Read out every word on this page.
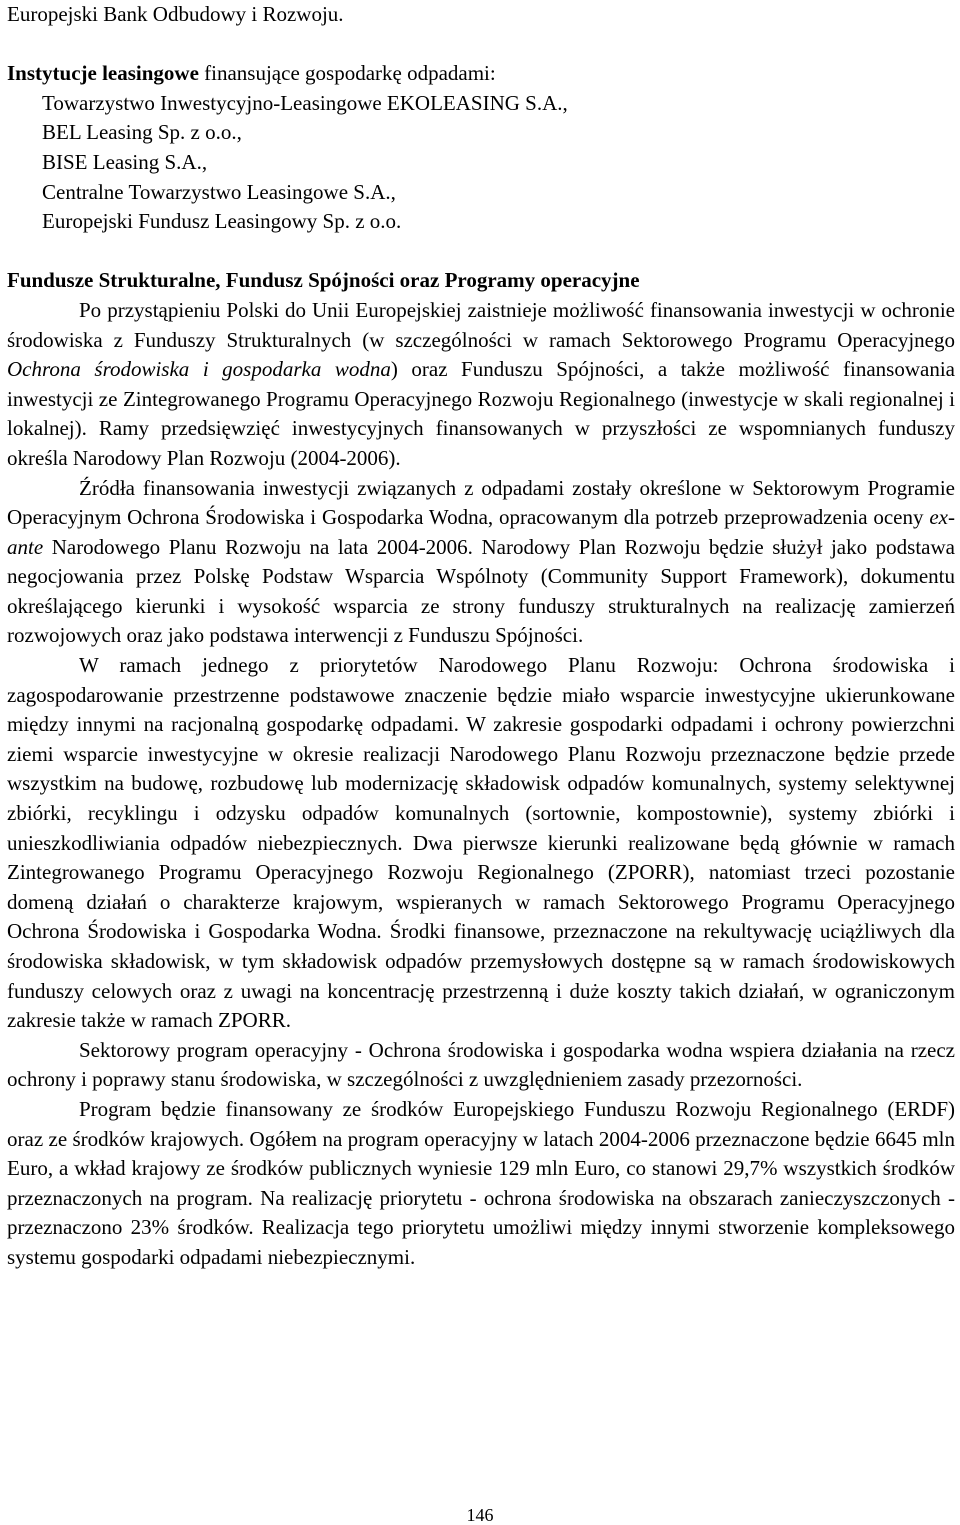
Europejski Bank Odbudowy i Rozwoju.
Instytucje leasingowe finansujące gospodarkę odpadami:
Towarzystwo Inwestycyjno-Leasingowe EKOLEASING S.A.,
BEL Leasing Sp. z o.o.,
BISE Leasing S.A.,
Centralne Towarzystwo Leasingowe S.A.,
Europejski Fundusz Leasingowy Sp. z o.o.
Fundusze Strukturalne, Fundusz Spójności oraz Programy operacyjne

Po przystąpieniu Polski do Unii Europejskiej zaistnieje możliwość finansowania inwestycji w ochronie środowiska z Funduszy Strukturalnych (w szczególności w ramach Sektorowego Programu Operacyjnego Ochrona środowiska i gospodarka wodna) oraz Funduszu Spójności, a także możliwość finansowania inwestycji ze Zintegrowanego Programu Operacyjnego Rozwoju Regionalnego (inwestycje w skali regionalnej i lokalnej). Ramy przedsięwzięć inwestycyjnych finansowanych w przyszłości ze wspomnianych funduszy określa Narodowy Plan Rozwoju (2004-2006).

Źródła finansowania inwestycji związanych z odpadami zostały określone w Sektorowym Programie Operacyjnym Ochrona Środowiska i Gospodarka Wodna, opracowanym dla potrzeb przeprowadzenia oceny ex-ante Narodowego Planu Rozwoju na lata 2004-2006. Narodowy Plan Rozwoju będzie służył jako podstawa negocjowania przez Polskę Podstaw Wsparcia Wspólnoty (Community Support Framework), dokumentu określającego kierunki i wysokość wsparcia ze strony funduszy strukturalnych na realizację zamierzeń rozwojowych oraz jako podstawa interwencji z Funduszu Spójności.

W ramach jednego z priorytetów Narodowego Planu Rozwoju: Ochrona środowiska i zagospodarowanie przestrzenne podstawowe znaczenie będzie miało wsparcie inwestycyjne ukierunkowane między innymi na racjonalną gospodarkę odpadami. W zakresie gospodarki odpadami i ochrony powierzchni ziemi wsparcie inwestycyjne w okresie realizacji Narodowego Planu Rozwoju przeznaczone będzie przede wszystkim na budowę, rozbudowę lub modernizację składowisk odpadów komunalnych, systemy selektywnej zbiórki, recyklingu i odzysku odpadów komunalnych (sortownie, kompostownie), systemy zbiórki i unieszkodliwiania odpadów niebezpiecznych. Dwa pierwsze kierunki realizowane będą głównie w ramach Zintegrowanego Programu Operacyjnego Rozwoju Regionalnego (ZPORR), natomiast trzeci pozostanie domeną działań o charakterze krajowym, wspieranych w ramach Sektorowego Programu Operacyjnego Ochrona Środowiska i Gospodarka Wodna. Środki finansowe, przeznaczone na rekultywację uciążliwych dla środowiska składowisk, w tym składowisk odpadów przemysłowych dostępne są w ramach środowiskowych funduszy celowych oraz z uwagi na koncentrację przestrzenną i duże koszty takich działań, w ograniczonym zakresie także w ramach ZPORR.

Sektorowy program operacyjny - Ochrona środowiska i gospodarka wodna wspiera działania na rzecz ochrony i poprawy stanu środowiska, w szczególności z uwzględnieniem zasady przezorności.

Program będzie finansowany ze środków Europejskiego Funduszu Rozwoju Regionalnego (ERDF) oraz ze środków krajowych. Ogółem na program operacyjny w latach 2004-2006 przeznaczone będzie 6645 mln Euro, a wkład krajowy ze środków publicznych wyniesie 129 mln Euro, co stanowi 29,7% wszystkich środków przeznaczonych na program. Na realizację priorytetu - ochrona środowiska na obszarach zanieczyszczonych - przeznaczono 23% środków. Realizacja tego priorytetu umożliwi między innymi stworzenie kompleksowego systemu gospodarki odpadami niebezpiecznymi.

146
